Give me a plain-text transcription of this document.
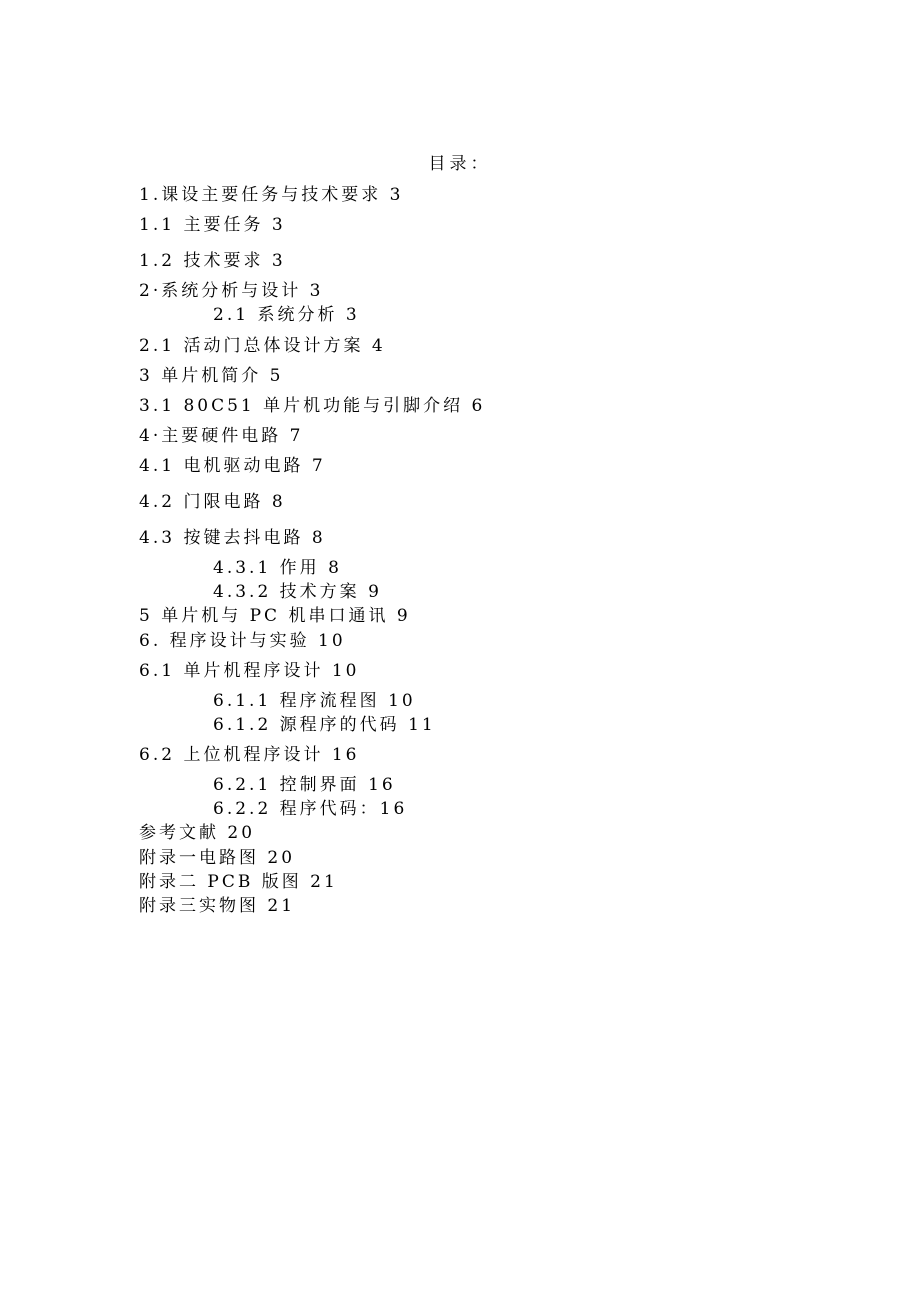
目录：
1.课设主要任务与技术要求 3
1.1 主要任务 3
1.2 技术要求 3
2·系统分析与设计 3
2.1 系统分析 3
2.1 活动门总体设计方案 4
3 单片机简介 5
3.1 80C51 单片机功能与引脚介绍 6
4·主要硬件电路 7
4.1 电机驱动电路 7
4.2 门限电路 8
4.3 按键去抖电路 8
4.3.1 作用 8
4.3.2 技术方案 9
5 单片机与 PC 机串口通讯 9
6. 程序设计与实验 10
6.1 单片机程序设计 10
6.1.1 程序流程图 10
6.1.2 源程序的代码 11
6.2 上位机程序设计 16
6.2.1 控制界面 16
6.2.2 程序代码：16
参考文献 20
附录一电路图 20
附录二 PCB 版图 21
附录三实物图 21
